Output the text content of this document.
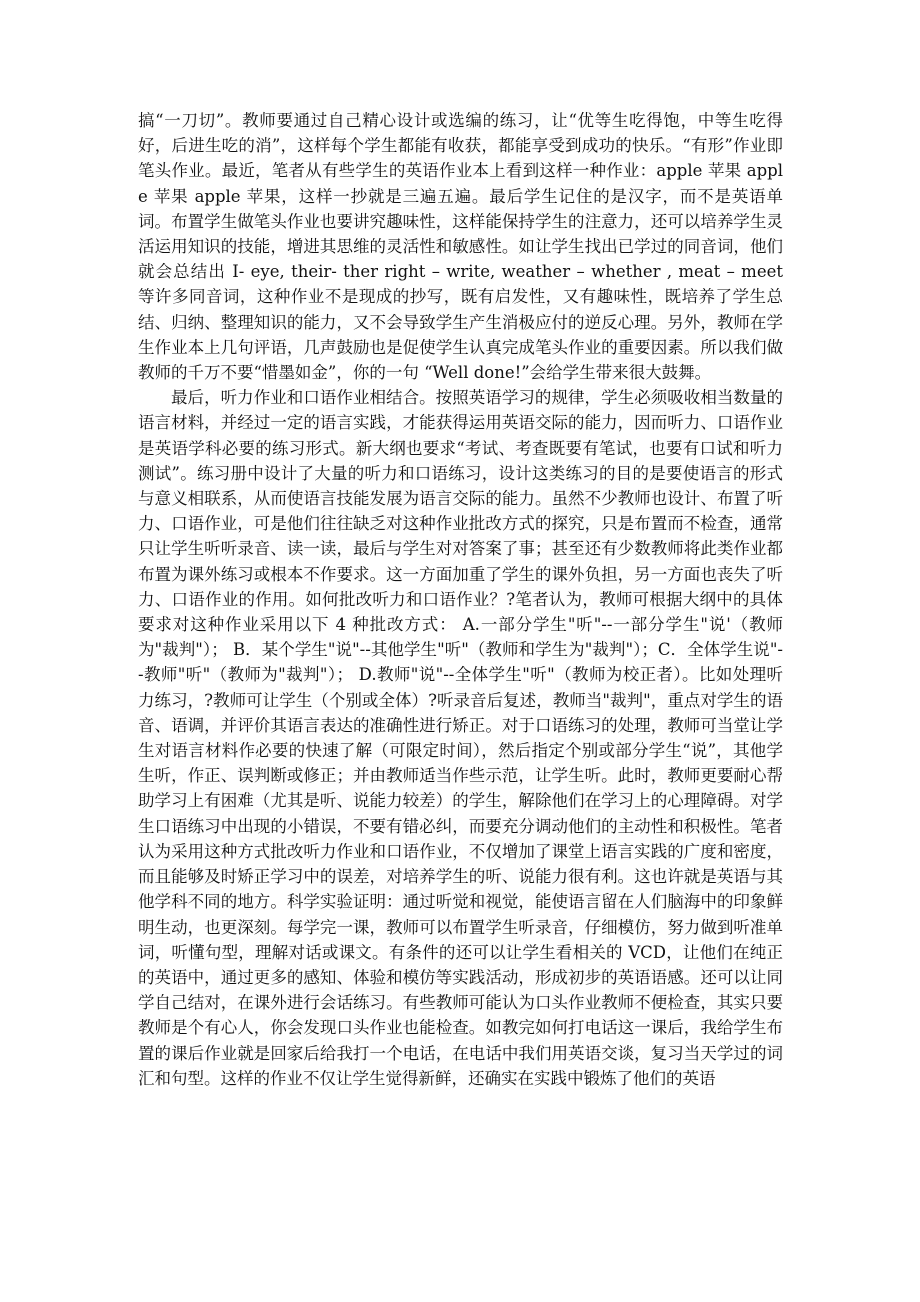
搞“一刀切”。教师要通过自己精心设计或选编的练习，让“优等生吃得饱，中等生吃得好，后进生吃的消”，这样每个学生都能有收获，都能享受到成功的快乐。“有形”作业即笔头作业。最近，笔者从有些学生的英语作业本上看到这样一种作业：apple 苹果 apple 苹果 apple 苹果，这样一抄就是三遍五遍。最后学生记住的是汉字，而不是英语单词。布置学生做笔头作业也要讲究趣味性，这样能保持学生的注意力，还可以培养学生灵活运用知识的技能，增进其思维的灵活性和敏感性。如让学生找出已学过的同音词，他们就会总结出 I- eye, their- ther right – write, weather – whether , meat – meet 等许多同音词，这种作业不是现成的抄写，既有启发性，又有趣味性，既培养了学生总结、归纳、整理知识的能力，又不会导致学生产生消极应付的逆反心理。另外，教师在学生作业本上几句评语，几声鼓励也是促使学生认真完成笔头作业的重要因素。所以我们做教师的千万不要“惜墨如金”，你的一句 “Well done!”会给学生带来很大鼓舞。

最后，听力作业和口语作业相结合。按照英语学习的规律，学生必须吸收相当数量的语言材料，并经过一定的语言实践，才能获得运用英语交际的能力，因而听力、口语作业是英语学科必要的练习形式。新大纲也要求“考试、考查既要有笔试，也要有口试和听力测试”。练习册中设计了大量的听力和口语练习，设计这类练习的目的是要使语言的形式与意义相联系，从而使语言技能发展为语言交际的能力。虽然不少教师也设计、布置了听力、口语作业，可是他们往往缺乏对这种作业批改方式的探究，只是布置而不检查，通常只让学生听听录音、读一读，最后与学生对对答案了事；甚至还有少数教师将此类作业都布置为课外练习或根本不作要求。这一方面加重了学生的课外负担，另一方面也丧失了听力、口语作业的作用。如何批改听力和口语作业？?笔者认为，教师可根据大纲中的具体要求对这种作业采用以下 4 种批改方式： A.一部分学生"听"--一部分学生"说'（教师为"裁判"）； B．某个学生"说"--其他学生"听"（教师和学生为"裁判"）；C．全体学生说"--教师"听"（教师为"裁判"）； D.教师"说"--全体学生"听"（教师为校正者）。比如处理听力练习，?教师可让学生（个别或全体）?听录音后复述，教师当"裁判"，重点对学生的语音、语调，并评价其语言表达的准确性进行矫正。对于口语练习的处理，教师可当堂让学生对语言材料作必要的快速了解（可限定时间），然后指定个别或部分学生“说”，其他学生听，作正、误判断或修正；并由教师适当作些示范，让学生听。此时，教师更要耐心帮助学习上有困难（尤其是听、说能力较差）的学生，解除他们在学习上的心理障碍。对学生口语练习中出现的小错误，不要有错必纠，而要充分调动他们的主动性和积极性。笔者认为采用这种方式批改听力作业和口语作业，不仅增加了课堂上语言实践的广度和密度，而且能够及时矫正学习中的误差，对培养学生的听、说能力很有利。这也许就是英语与其他学科不同的地方。科学实验证明：通过听觉和视觉，能使语言留在人们脑海中的印象鲜明生动，也更深刻。每学完一课，教师可以布置学生听录音，仔细模仿，努力做到听准单词，听懂句型，理解对话或课文。有条件的还可以让学生看相关的 VCD，让他们在纯正的英语中，通过更多的感知、体验和模仿等实践活动，形成初步的英语语感。还可以让同学自己结对，在课外进行会话练习。有些教师可能认为口头作业教师不便检查，其实只要教师是个有心人，你会发现口头作业也能检查。如教完如何打电话这一课后，我给学生布置的课后作业就是回家后给我打一个电话，在电话中我们用英语交谈，复习当天学过的词汇和句型。这样的作业不仅让学生觉得新鲜，还确实在实践中锻炼了他们的英语
